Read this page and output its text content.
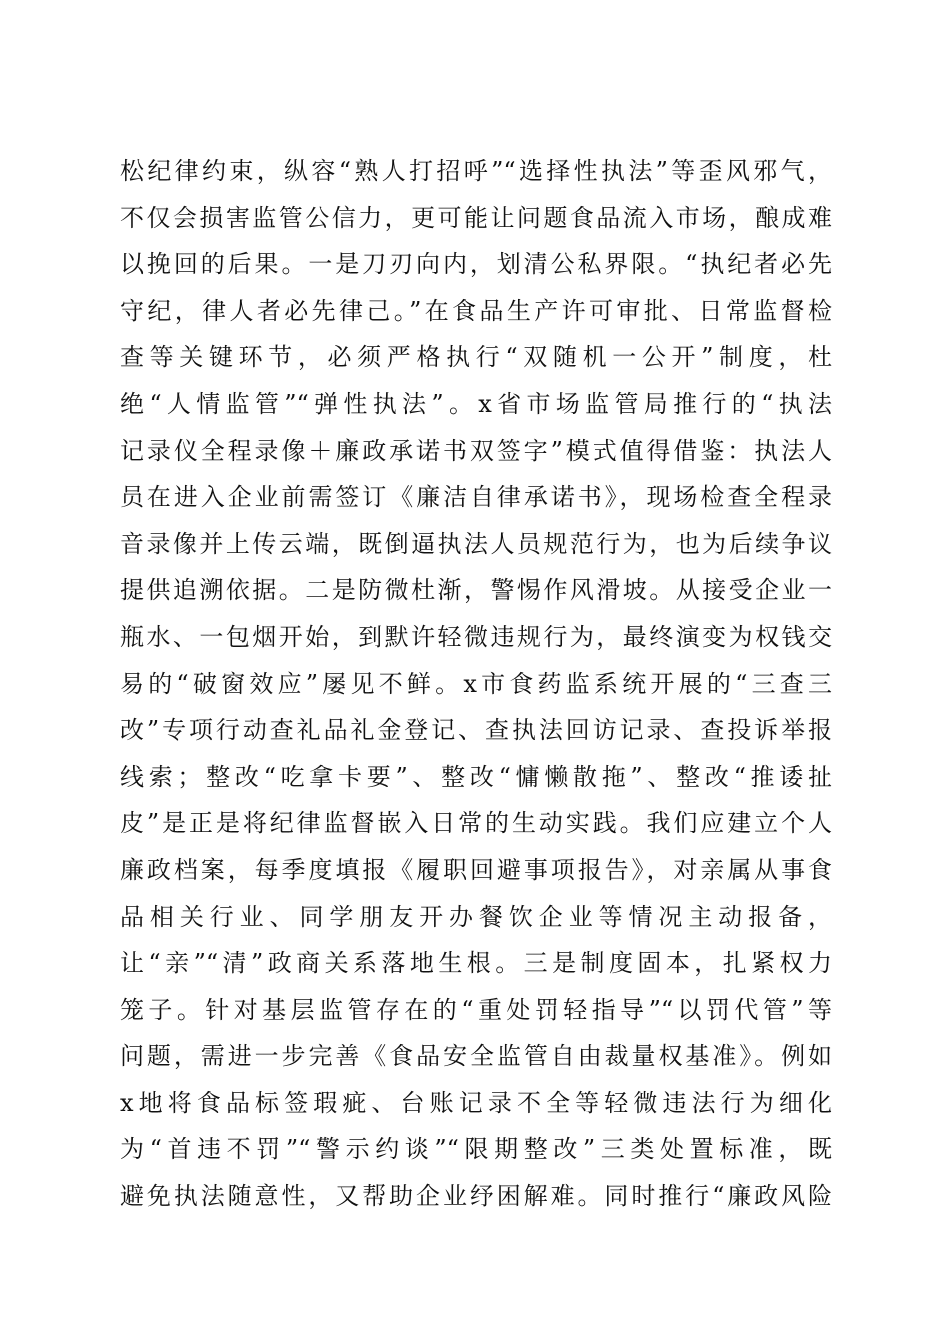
松纪律约束，纵容“熟人打招呼”“选择性执法”等歪风邪气，
不仅会损害监管公信力，更可能让问题食品流入市场，酿成难
以挽回的后果。一是刀刃向内，划清公私界限。“执纪者必先
守纪，律人者必先律己。”在食品生产许可审批、日常监督检
查等关键环节，必须严格执行“双随机一公开”制度，杜
绝“人情监管”“弹性执法”。x省市场监管局推行的“执法
记录仪全程录像＋廉政承诺书双签字”模式值得借鉴：执法人
员在进入企业前需签订《廉洁自律承诺书》，现场检查全程录
音录像并上传云端，既倒逼执法人员规范行为，也为后续争议
提供追溯依据。二是防微杜渐，警惕作风滑坡。从接受企业一
瓶水、一包烟开始，到默许轻微违规行为，最终演变为权钱交
易的“破窗效应”屡见不鲜。x市食药监系统开展的“三查三
改”专项行动查礼品礼金登记、查执法回访记录、查投诉举报
线索；整改“吃拿卡要”、整改“慵懒散拖”、整改“推诿扯
皮”是正是将纪律监督嵌入日常的生动实践。我们应建立个人
廉政档案，每季度填报《履职回避事项报告》，对亲属从事食
品相关行业、同学朋友开办餐饮企业等情况主动报备，
让“亲”“清”政商关系落地生根。三是制度固本，扎紧权力
笼子。针对基层监管存在的“重处罚轻指导”“以罚代管”等
问题，需进一步完善《食品安全监管自由裁量权基准》。例如
x地将食品标签瑕疵、台账记录不全等轻微违法行为细化
为“首违不罚”“警示约谈”“限期整改”三类处置标准，既
避免执法随意性，又帮助企业纾困解难。同时推行“廉政风险
